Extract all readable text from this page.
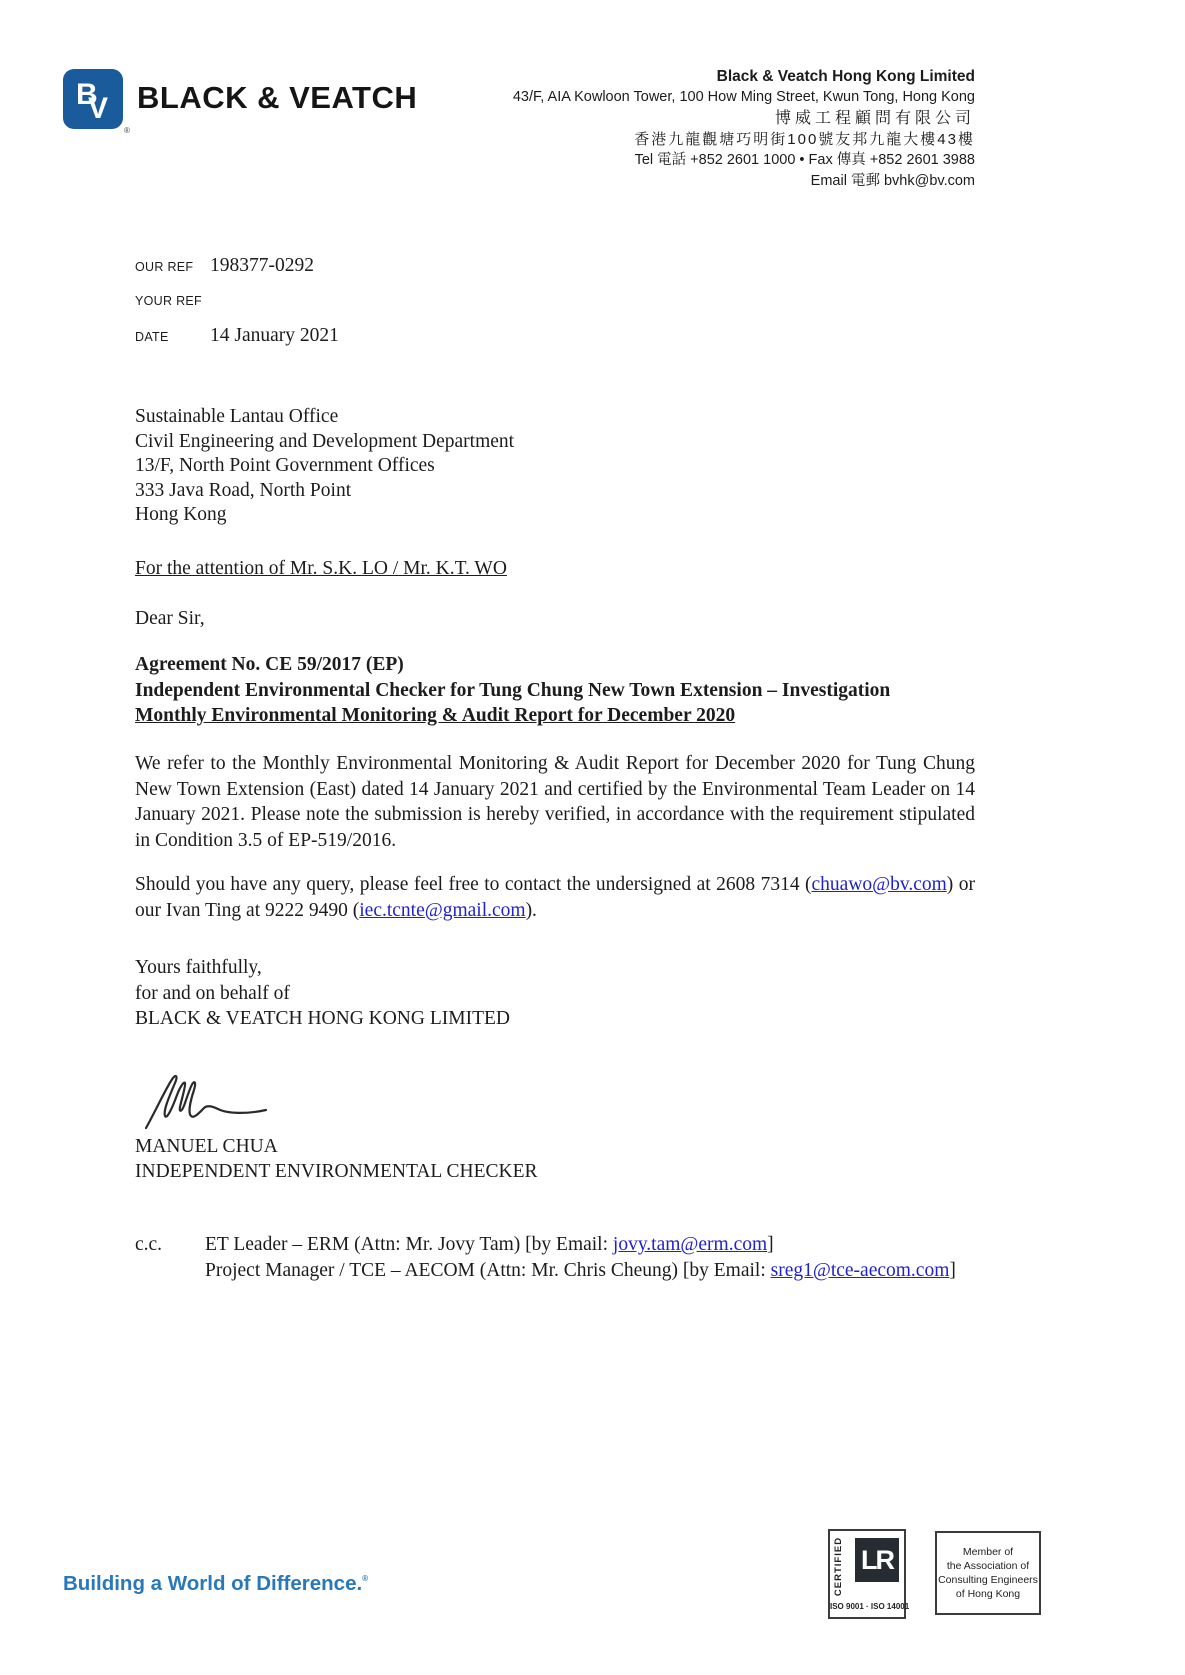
B
V
®
BLACK & VEATCH
Black & Veatch Hong Kong Limited
43/F, AIA Kowloon Tower, 100 How Ming Street, Kwun Tong, Hong Kong
博威工程顧問有限公司
香港九龍觀塘巧明街100號友邦九龍大樓43樓
Tel 電話 +852 2601 1000 • Fax 傳真 +852 2601 3988
Email 電郵 bvhk@bv.com
OUR REF 198377-0292
YOUR REF
DATE	14 January 2021
Sustainable Lantau Office
Civil Engineering and Development Department
13/F, North Point Government Offices
333 Java Road, North Point
Hong Kong
For the attention of Mr. S.K. LO / Mr. K.T. WO
Dear Sir,
Agreement No. CE 59/2017 (EP)
Independent Environmental Checker for Tung Chung New Town Extension – Investigation
Monthly Environmental Monitoring & Audit Report for December 2020
We refer to the Monthly Environmental Monitoring & Audit Report for December 2020 for Tung Chung New Town Extension (East) dated 14 January 2021 and certified by the Environmental Team Leader on 14 January 2021. Please note the submission is hereby verified, in accordance with the requirement stipulated in Condition 3.5 of EP-519/2016.
Should you have any query, please feel free to contact the undersigned at 2608 7314 (chuawo@bv.com) or our Ivan Ting at 9222 9490 (iec.tcnte@gmail.com).
Yours faithfully,
for and on behalf of
BLACK & VEATCH HONG KONG LIMITED
MANUEL CHUA
INDEPENDENT ENVIRONMENTAL CHECKER
c.c. ET Leader – ERM (Attn: Mr. Jovy Tam) [by Email: jovy.tam@erm.com]
Project Manager / TCE – AECOM (Attn: Mr. Chris Cheung) [by Email: sreg1@tce-aecom.com]
Building a World of Difference.®	CERTIFIED LR
ISO 9001 · ISO 14001
Member of
the Association of
Consulting Engineers
of Hong Kong
